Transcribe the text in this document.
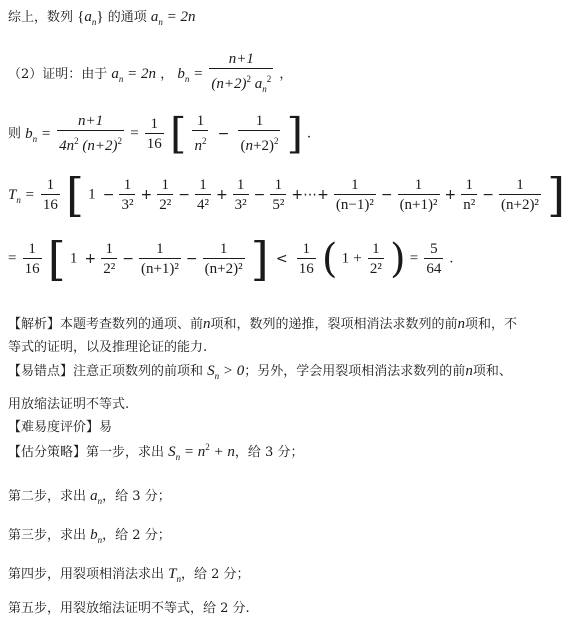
综上，数列 $\{a_n\}$ 的通项 $a_n = 2n$
（2）证明：由于 $a_n = 2n$ ， $b_n = \frac{n+1}{(n+2)^2 a_n^2}$ ，
则 $b_n = \frac{n+1}{4n^2 (n+2)^2} = \frac{1}{16}$ [ $\frac{1}{n^2} - \frac{1}{(n+2)^2}$ ] .
$T_n = \frac{1}{16}$ [ $1 - \frac{1}{\text{3²}} + \frac{1}{\text{2²}} - \frac{1}{\text{4²}} + \frac{1}{\text{3²}} - \frac{1}{\text{5²}}$ +⋯+ $\frac{1}{\text{(n−1)²}} - \frac{1}{\text{(n+1)²}} + \frac{1}{\text{n²}} - \frac{1}{\text{(n+2)²}}$ ]
= $\frac{1}{16}$ [ $1 + \frac{1}{\text{2²}} - \frac{1}{\text{(n+1)²}} - \frac{1}{\text{(n+2)²}}$ ] < $\frac{1}{16}$ ( $1 + \frac{1}{\text{2²}}$ ) = $\frac{5}{64}$ .
【解析】本题考查数列的通项、前n项和，数列的递推，裂项相消法求数列的前n项和，不
等式的证明，以及推理论证的能力.
【易错点】注意正项数列的前项和 $S_n > 0$；另外，学会用裂项相消法求数列的前n项和、
用放缩法证明不等式.
【难易度评价】易
【估分策略】第一步，求出 $S_n = n^2 + n$，给 3 分；
第二步，求出 $a_n$，给 3 分；
第三步，求出 $b_n$，给 2 分；
第四步，用裂项相消法求出 $T_n$，给 2 分；
第五步，用裂放缩法证明不等式，给 2 分.
